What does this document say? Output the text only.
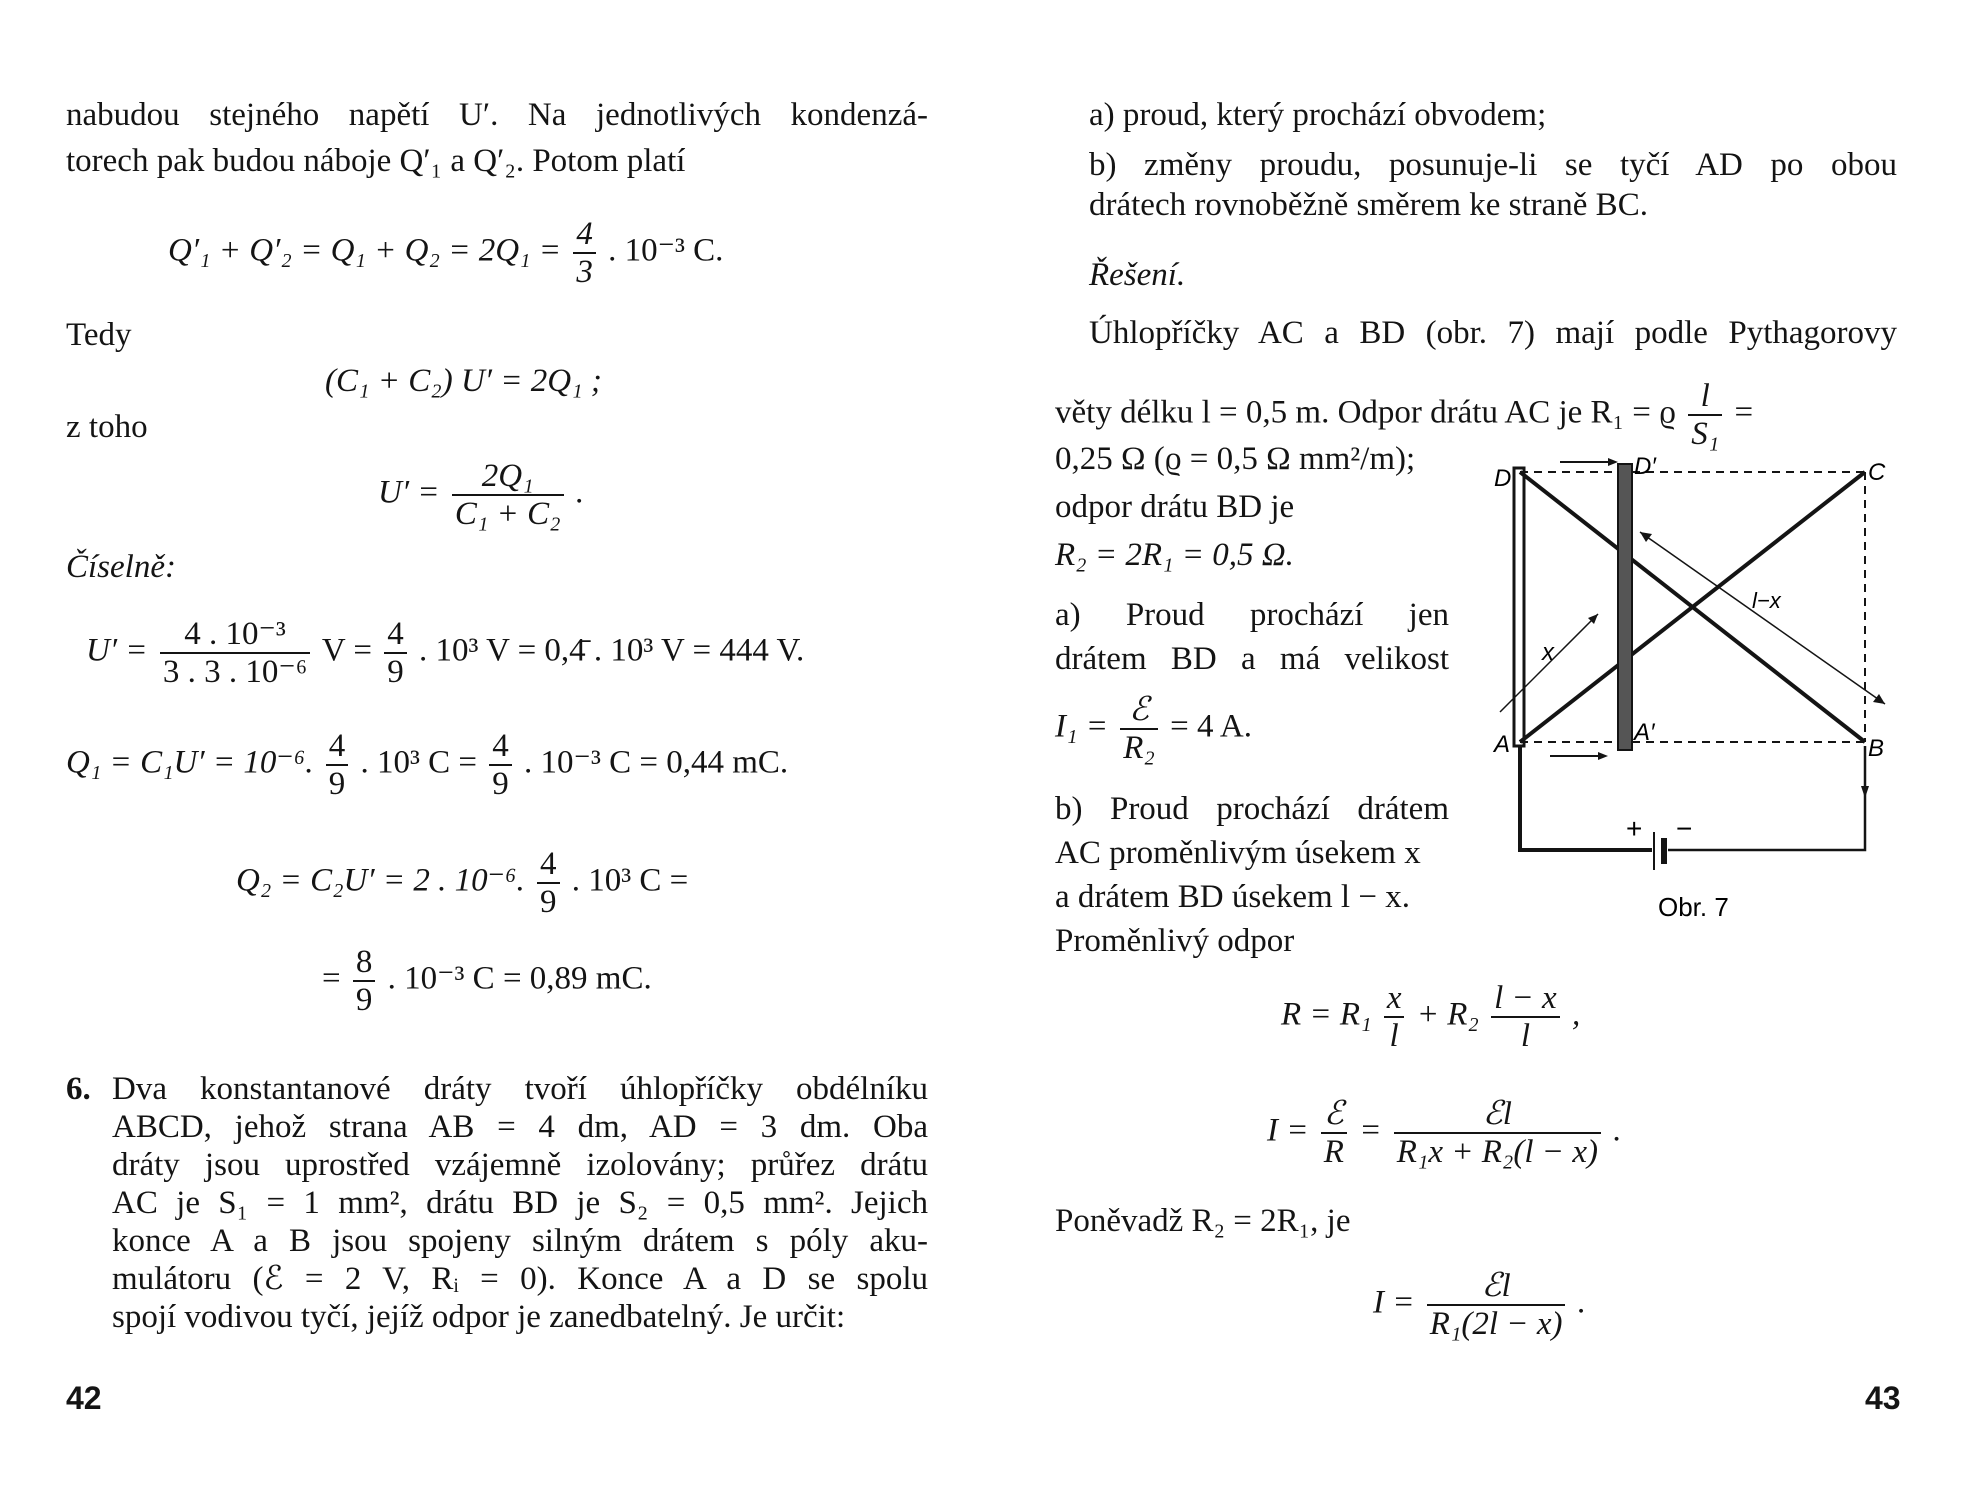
nabudou stejného napětí U′. Na jednotlivých kondenzá-
torech pak budou náboje Q′₁ a Q′₂. Potom platí
$Q'_1 + Q'_2 = Q_1 + Q_2 = 2Q_1 = \frac{4}{3}$ . 10⁻³ C.
Tedy
(C₁ + C₂) U′ = 2Q₁ ;
z toho
$U' = \frac{\text{2Q₁}}{\text{C₁ + C₂}}$ .
Číselně:
$U' = \frac{\text{4 . 10⁻³}}{\text{3 . 3 . 10⁻⁶}}$ $V = \frac{4}{9}$ . 10³ V = 0,4̄ . 10³ V = 444 V.
Q₁ = C₁U′ = 10⁻⁶. $\frac{4}{9}$ . 10³ $C = \frac{4}{9}$ . 10⁻³ C = 0,44 mC.
Q₂ = C₂U′ = 2 . 10⁻⁶. $\frac{4}{9}$ . 10³ C =
= $\frac{8}{9}$ . 10⁻³ C = 0,89 mC.
6. Dva konstantanové dráty tvoří úhlopříčky obdélníku
ABCD, jehož strana AB = 4 dm, AD = 3 dm. Oba
dráty jsou uprostřed vzájemně izolovány; průřez drátu
AC je S₁ = 1 mm², drátu BD je S₂ = 0,5 mm². Jejich
konce A a B jsou spojeny silným drátem s póly aku-
mulátoru (ℰ = 2 V, Rᵢ = 0). Konce A a D se spolu
spojí vodivou tyčí, jejíž odpor je zanedbatelný. Je určit:
42
a) proud, který prochází obvodem;
b) změny proudu, posunuje-li se tyčí AD po obou
drátech rovnoběžně směrem ke straně BC.
Řešení.
Úhlopříčky AC a BD (obr. 7) mají podle Pythagorovy
věty délku l = 0,5 m. Odpor drátu AC je R₁ = ϱ $\frac{l}{\text{S₁}}$ =
0,25 Ω (ϱ = 0,5 Ω mm²/m);
odpor drátu BD je
R₂ = 2R₁ = 0,5 Ω.
a) Proud prochází jen
drátem BD a má velikost
$I_1 = \frac{\text{ℰ}}{\text{R₂}} = 4$ A.
b) Proud prochází drátem
AC proměnlivým úsekem x
a drátem BD úsekem l − x.
Proměnlivý odpor
D
A
C
B
D′
A′
x
l−x
+ −
Obr. 7
$R = R_1 \frac{x}{l} + R_2 \frac{l - x}{l}$ ,
$I = \frac{\text{ℰ}}{R} = \frac{\text{ℰl}}{\text{R₁x + R₂(l − x)}}$ .
Poněvadž R₂ = 2R₁, je
$I = \frac{\text{ℰl}}{\text{R₁(2l − x)}}$ .
43
